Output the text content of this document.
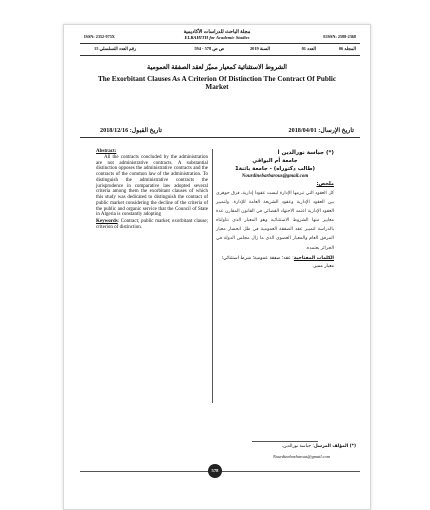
ISSN: 2352-975X	EISSN: 2588-2368
مجلة الباحث للدراسات الأكاديمية
ELBAHITH for Academic Studies
المجلد 06
العدد 01
السنة 2019
ص ص 578 - 594
رقم العدد التسلسلي 15
الشروط الاستثنائية كمعيار مميّز لعقد الصفقة العمومية
The Exorbitant Clauses As A Criterion Of Distinction The Contract Of Public Market
تاريخ القبول: 2018/12/16	تاريخ الإرسال: 2018/04/01
Abstract:

All the contracts concluded by the administration are not administrative contracts. A substantial distinction opposes the administrative contracts and the contracts of the common law of the administration. To distinguish the administrative contracts the jurisprudence in comparative law adopted several criteria among them the exorbitant clauses of which this study was dedicated to distinguish the contract of public market considering the decline of the criteria of the public and organic service that the Council of State in Algeria is constantly adopting

Keywords: Contract; public market; exorbitant clause; criterion of distinction.
(*) ﺟﺒﺎﺳﺔ ﻧﻮﺭﺍﻟﺪﻳﻦ ﺍ
ﺟﺎﻣﻌﺔ ﺃﻡ ﺍﻟﺒﻮﺍﻗﻲ
(ﻃﺎﻟﺐ ﺩﻛﺘﻮﺭﺍﻩ) - ﺟﺎﻣﻌﺔ ﺑﺎﺗﻨﺔ1
Nourdinebarbarous@gmail.com
ملخص:
كل العقود التي تبرمها الإدارة ليست عقودا إدارية، فرق جوهري بين العقود الإدارية وعقود الشريعة العامة للإدارة. ولتمييز العقود الإدارية اعتمد الاجتهاد القضائي في القانون المقارن عدة معايير منها الشروط الاستثنائية وهو المعيار الذي تناولناه بالدراسة لتمييز عقد الصفقة العمومية في ظل انحسار معيار المرفق العام والمعيار العضوي الذي ما زال مجلس الدولة في الجزائر يعتمده.
الكلمات المفتاحية: عقد؛ صفقة عمومية؛ شرط استثنائي؛ معيار مميز.
(*) المؤلف المرسل: جباسة نورالدين،
Nourdinebarbarous@gmail.com
578
